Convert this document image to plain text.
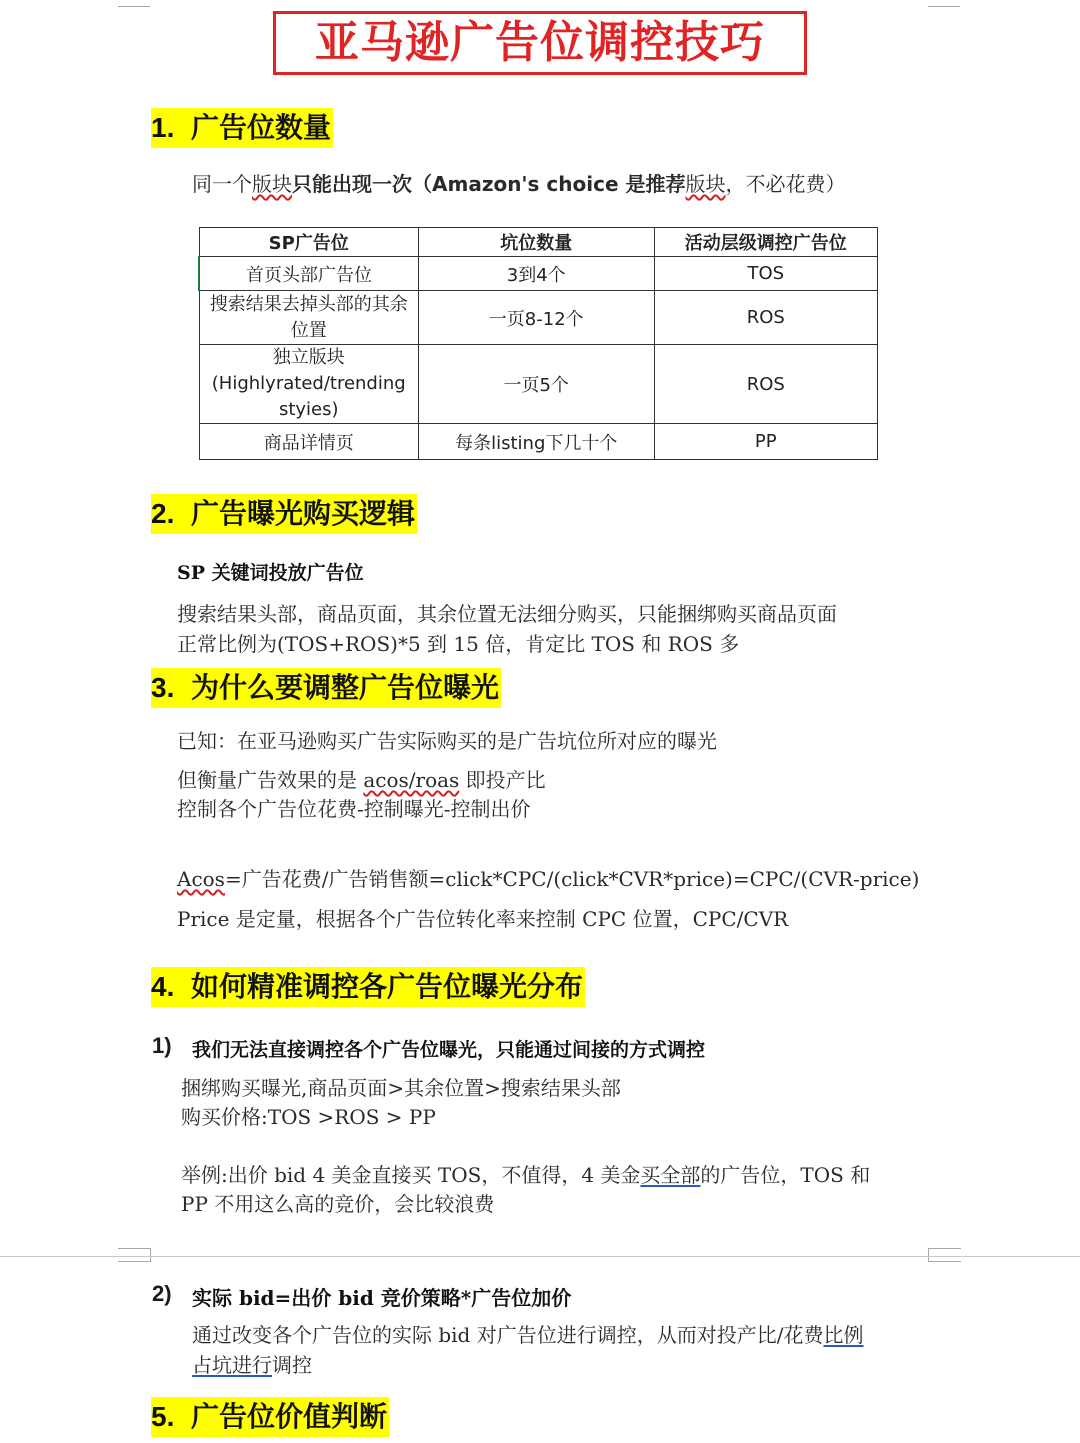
亚马逊广告位调控技巧
1. 广告位数量
同一个版块只能出现一次（Amazon's choice 是推荐版块，不必花费）
SP广告位	坑位数量	活动层级调控广告位
首页头部广告位	3到4个	TOS
搜索结果去掉头部的其余位置	一页8-12个	ROS
独立版块(Highlyrated/trending styies)	一页5个	ROS
商品详情页	每条listing下几十个	PP
2. 广告曝光购买逻辑
SP 关键词投放广告位
搜索结果头部，商品页面，其余位置无法细分购买，只能捆绑购买商品页面
正常比例为(TOS+ROS)*5 到 15 倍，肯定比 TOS 和 ROS 多
3. 为什么要调整广告位曝光
已知：在亚马逊购买广告实际购买的是广告坑位所对应的曝光
但衡量广告效果的是 acos/roas 即投产比
控制各个广告位花费-控制曝光-控制出价
Acos=广告花费/广告销售额=click*CPC/(click*CVR*price)=CPC/(CVR-price)
Price 是定量，根据各个广告位转化率来控制 CPC 位置，CPC/CVR
4. 如何精准调控各广告位曝光分布
1) 我们无法直接调控各个广告位曝光，只能通过间接的方式调控
捆绑购买曝光,商品页面>其余位置>搜索结果头部
购买价格:TOS >ROS > PP
举例:出价 bid 4 美金直接买 TOS，不值得，4 美金买全部的广告位，TOS 和
PP 不用这么高的竞价，会比较浪费
2) 实际 bid=出价 bid 竞价策略*广告位加价
通过改变各个广告位的实际 bid 对广告位进行调控，从而对投产比/花费比例
占坑进行调控
5. 广告位价值判断
